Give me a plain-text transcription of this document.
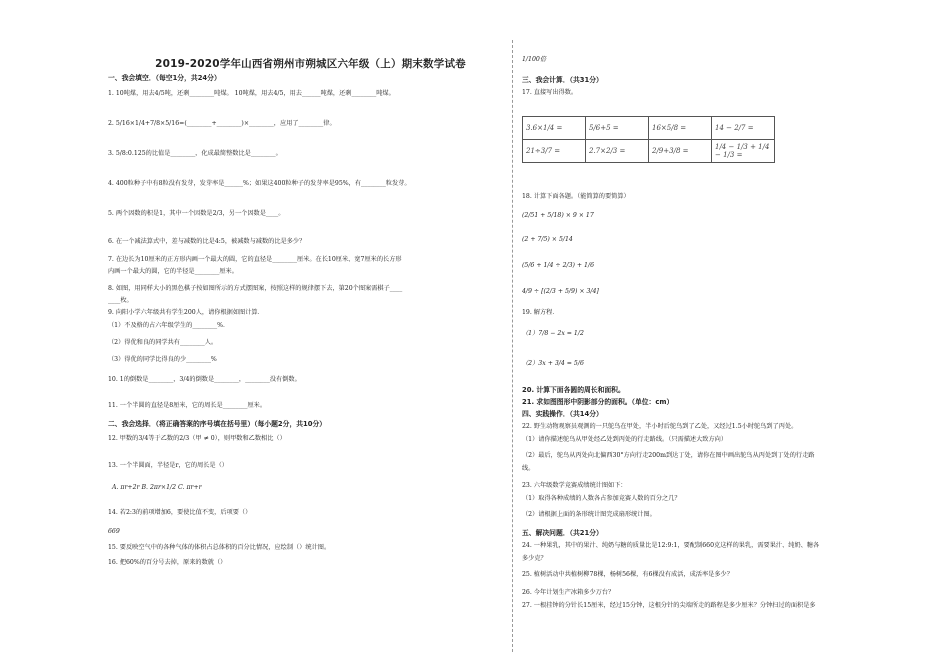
2019-2020学年山西省朔州市朔城区六年级（上）期末数学试卷
一、我会填空．（每空1分，共24分）
1. 10吨煤，用去4/5吨，还剩________吨煤。 10吨煤，用去4/5，用去______吨煤，还剩________吨煤。
2. 5/16×1/4+7/8×5/16=(________+________)×________，应用了________律。
3. 5/8:0.125的比值是________，化成最简整数比是________。
4. 400粒种子中有8粒没有发芽，发芽率是______%；如果这400粒种子的发芽率是95%，有________粒发芽。
5. 两个因数的积是1，其中一个因数是2/3，另一个因数是____。
6. 在一个减法算式中，差与减数的比是4:5，被减数与减数的比是多少？
7. 在边长为10厘米的正方形内画一个最大的圆，它的直径是________厘米。在长10厘米、宽7厘米的长方形
内画一个最大的圆，它的半径是________厘米。
8. 如图，用同样大小的黑色棋子按如图所示的方式摆图案，按照这样的规律摆下去，第20个图案需棋子____
____枚。
9. 向阳小学六年级共有学生200人，请你根据如图计算．
（1）不及格的占六年级学生的________%．
（2）得优和良的同学共有________人。
（3）得优的同学比得良的少________%
10. 1的倒数是________，3/4的倒数是________，________没有倒数。
11. 一个半圆的直径是8厘米，它的周长是________厘米。
二、我会选择．（将正确答案的序号填在括号里）（每小题2分，共10分）
12. 甲数的3/4等于乙数的2/3（甲 ≠ 0），则甲数和乙数相比（）
13. 一个半圆面，半径是r，它的周长是（）
A. πr+2r B. 2πr×1/2 C. πr+r
14. 若2:3的前项增加6，要使比值不变，后项要（）
669
15. 要反映空气中的各种气体的体积占总体积的百分比情况，应绘制（）统计图。
16. 把60%的百分号去掉，原来的数就（）
1/100倍
三、我会计算．（共31分）
17. 直接写出得数。
3.6×1/4 =	5/6+5 =	16×5/8 =	14 − 2/7 =
21÷3/7 =	2.7×2/3 =	2/9+3/8 =	1/4 − 1/3 + 1/4 − 1/3 =
18. 计算下面各题。（能简算的要简算）
(2/51 + 5/18) × 9 × 17
(2 + 7/5) × 5/14
(5/6 + 1/4 ÷ 2/3) + 1/6
4/9 ÷ [(2/3 + 5/9) × 3/4]
19. 解方程．
（1）7/8 − 2x = 1/2
（2）3x + 3/4 = 5/6
20. 计算下面各圆的周长和面积。
21. 求如图图形中阴影部分的面积。（单位：cm）
四、实践操作．（共14分）
22. 野生动物观察员观测的一只鸵鸟在甲处，半小时后鸵鸟到了乙处，又经过1.5小时鸵鸟到了丙处。
（1）请你描述鸵鸟从甲处经乙处到丙处的行走路线。（只需描述大致方向）
（2）最后，鸵鸟从丙处向北偏西30°方向行走200m到达丁处，请你在图中画出鸵鸟从丙处到丁处的行走路
线。
23. 六年级数学竞赛成绩统计图如下：
（1）取得各种成绩的人数各占参加竞赛人数的百分之几？
（2）请根据上面的条形统计图完成扇形统计图。
五、解决问题．（共21分）
24. 一种果乳，其中的果汁、纯奶与糖的质量比是12:9:1，要配制660克这样的果乳，需要果汁、纯奶、糖各
多少克？
25. 植树活动中共植树柳78棵，杨树56棵，有6棵没有成活，成活率是多少？
26. 今年计划生产冰箱多少万台？
27. 一根挂钟的分针长15厘米，经过15分钟，这根分针的尖端所走的路程是多少厘米？分钟扫过的面积是多
